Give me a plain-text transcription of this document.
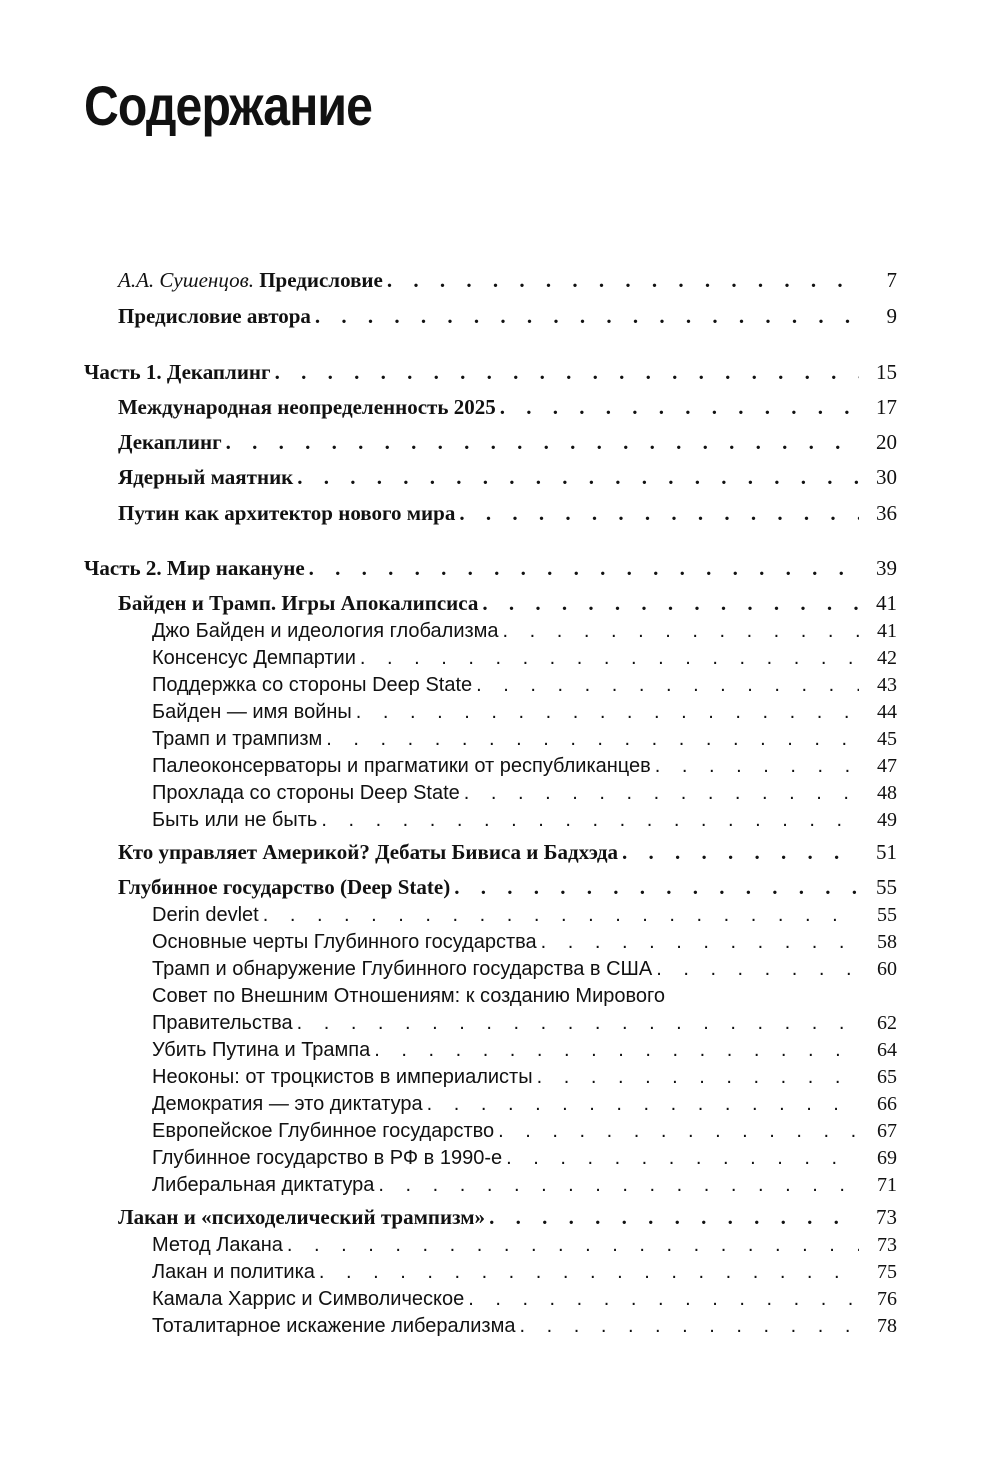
Содержание
А.А. Сушенцов. Предисловие . . .	7
Предисловие автора . . .	9
Часть 1. Декаплинг . . .	15
Международная неопределенность 2025 . . .	17
Декаплинг . . .	20
Ядерный маятник . . .	30
Путин как архитектор нового мира . . .	36
Часть 2. Мир накануне . . .	39
Байден и Трамп. Игры Апокалипсиса . . .	41
Джо Байден и идеология глобализма . . .	41
Консенсус Демпартии . . .	42
Поддержка со стороны Deep State . . .	43
Байден — имя войны . . .	44
Трамп и трампизм . . .	45
Палеоконсерваторы и прагматики от республиканцев . . .	47
Прохлада со стороны Deep State . . .	48
Быть или не быть . . .	49
Кто управляет Америкой? Дебаты Бивиса и Бадхэда . . .	51
Глубинное государство (Deep State) . . .	55
Derin devlet . . .	55
Основные черты Глубинного государства . . .	58
Трамп и обнаружение Глубинного государства в США . . .	60
Совет по Внешним Отношениям: к созданию Мирового
Правительства . . .	62
Убить Путина и Трампа . . .	64
Неоконы: от троцкистов в империалисты . . .	65
Демократия — это диктатура . . .	66
Европейское Глубинное государство . . .	67
Глубинное государство в РФ в 1990-е . . .	69
Либеральная диктатура . . .	71
Лакан и «психоделический трампизм» . . .	73
Метод Лакана . . .	73
Лакан и политика . . .	75
Камала Харрис и Символическое . . .	76
Тоталитарное искажение либерализма . . .	78
